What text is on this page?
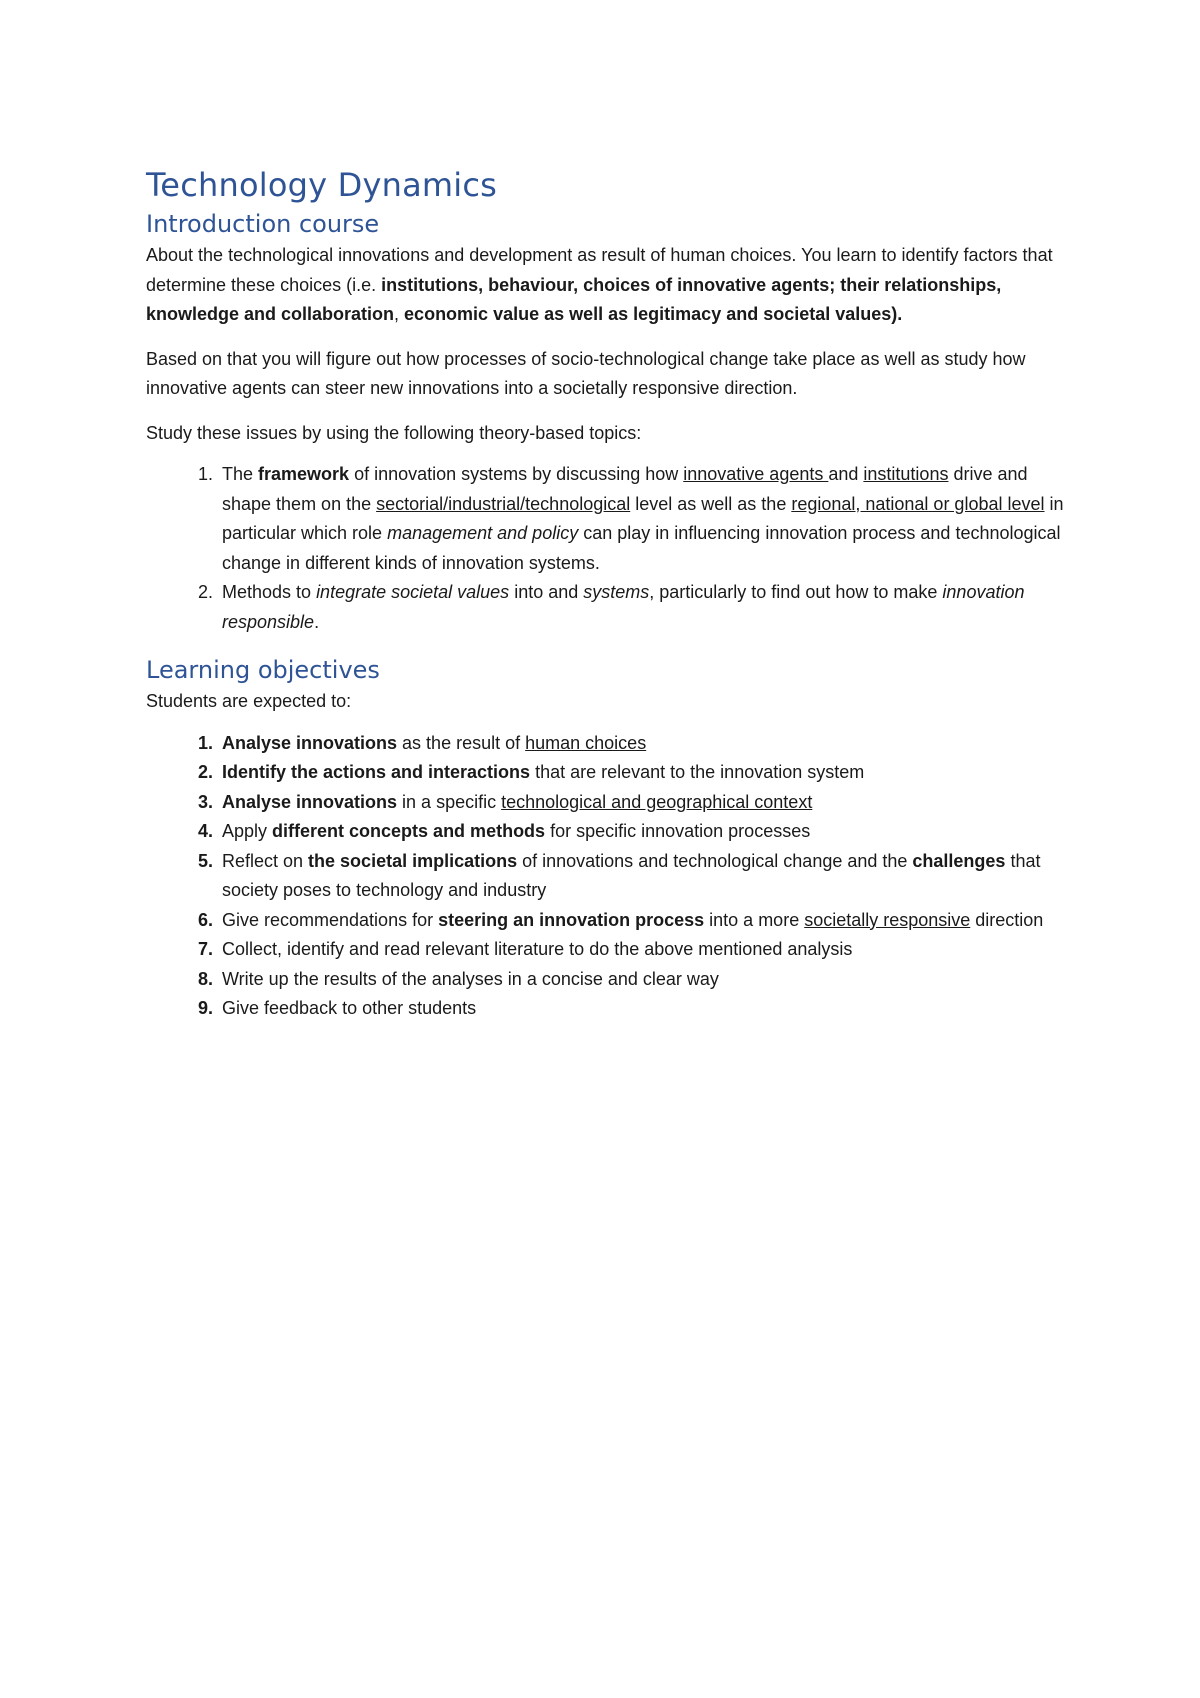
Technology Dynamics
Introduction course

About the technological innovations and development as result of human choices. You learn to identify factors that determine these choices (i.e. institutions, behaviour, choices of innovative agents; their relationships, knowledge and collaboration, economic value as well as legitimacy and societal values).

Based on that you will figure out how processes of socio-technological change take place as well as study how innovative agents can steer new innovations into a societally responsive direction.

Study these issues by using the following theory-based topics:

1. The framework of innovation systems by discussing how innovative agents and institutions drive and shape them on the sectorial/industrial/technological level as well as the regional, national or global level in particular which role management and policy can play in influencing innovation process and technological change in different kinds of innovation systems.
2. Methods to integrate societal values into and systems, particularly to find out how to make innovation responsible.
Learning objectives

Students are expected to:

1. Analyse innovations as the result of human choices
2. Identify the actions and interactions that are relevant to the innovation system
3. Analyse innovations in a specific technological and geographical context
4. Apply different concepts and methods for specific innovation processes
5. Reflect on the societal implications of innovations and technological change and the challenges that society poses to technology and industry
6. Give recommendations for steering an innovation process into a more societally responsive direction
7. Collect, identify and read relevant literature to do the above mentioned analysis
8. Write up the results of the analyses in a concise and clear way
9. Give feedback to other students
